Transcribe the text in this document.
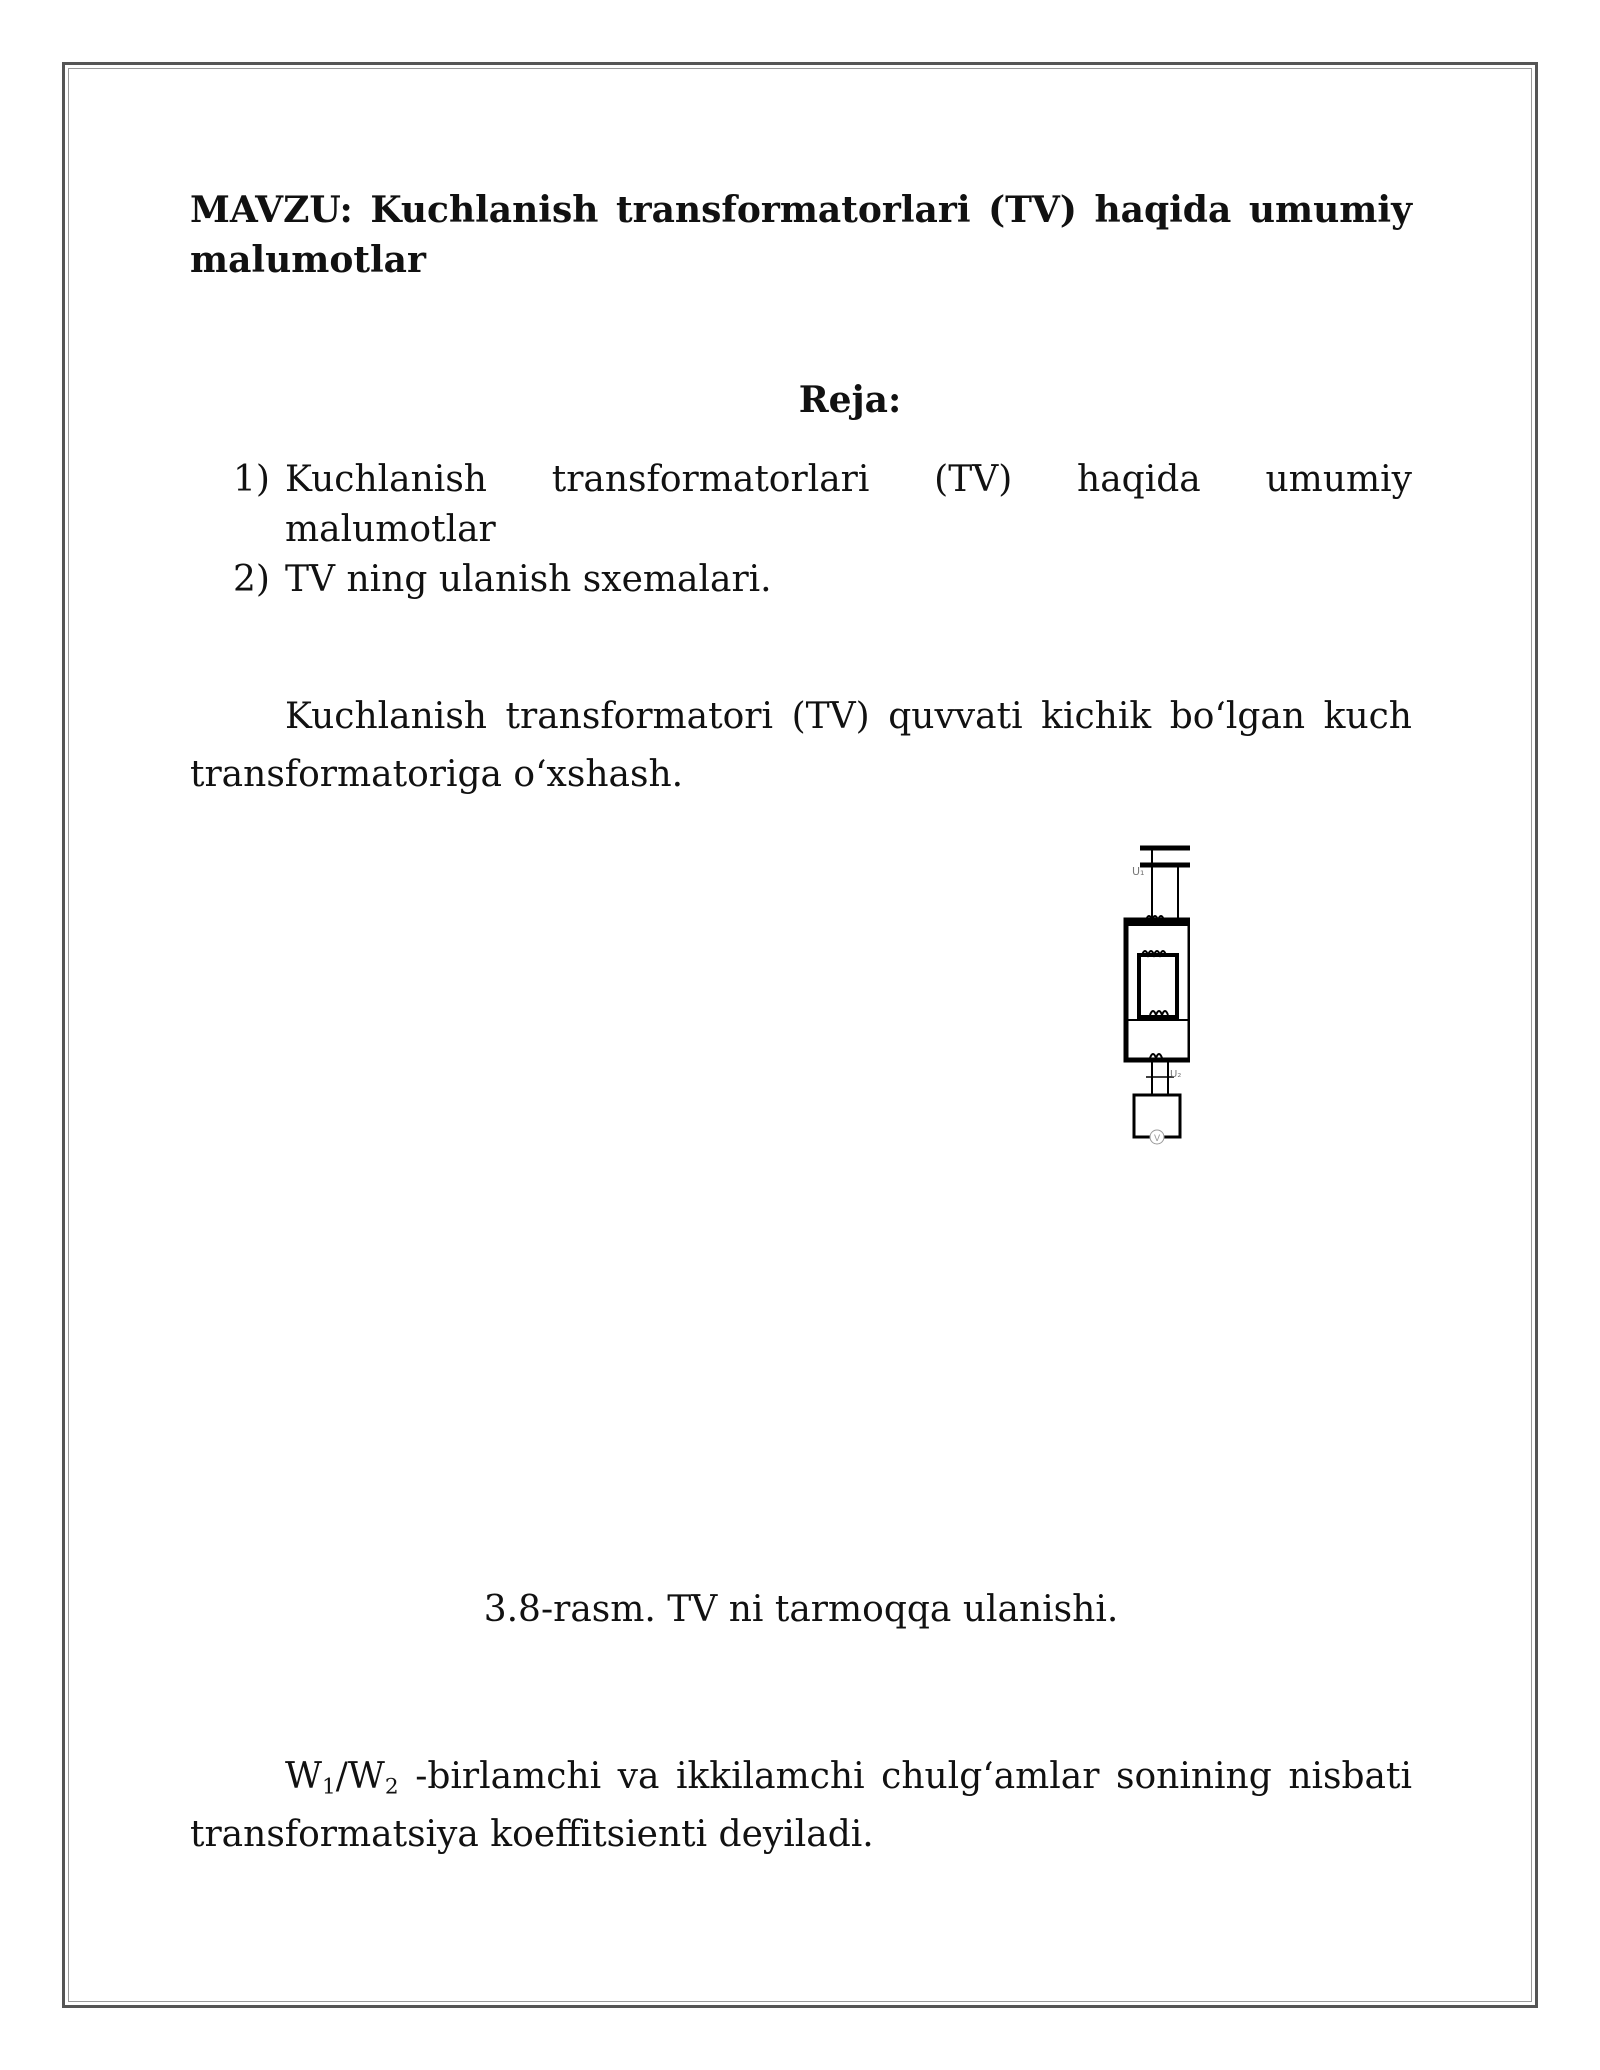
MAVZU: Kuchlanish transformatorlari (TV) haqida umumiy malumotlar

Reja:

1) Kuchlanish transformatorlari (TV) haqida umumiy malumotlar
2) TV ning ulanish sxemalari.

Kuchlanish transformatori (TV) quvvati kichik bo‘lgan kuch transformatoriga o‘xshash.

U₁
U₂
V

3.8-rasm. TV ni tarmoqqa ulanishi.

$W_1/W_2$ -birlamchi va ikkilamchi chulg‘amlar sonining nisbati transformatsiya koeffitsienti deyiladi.
